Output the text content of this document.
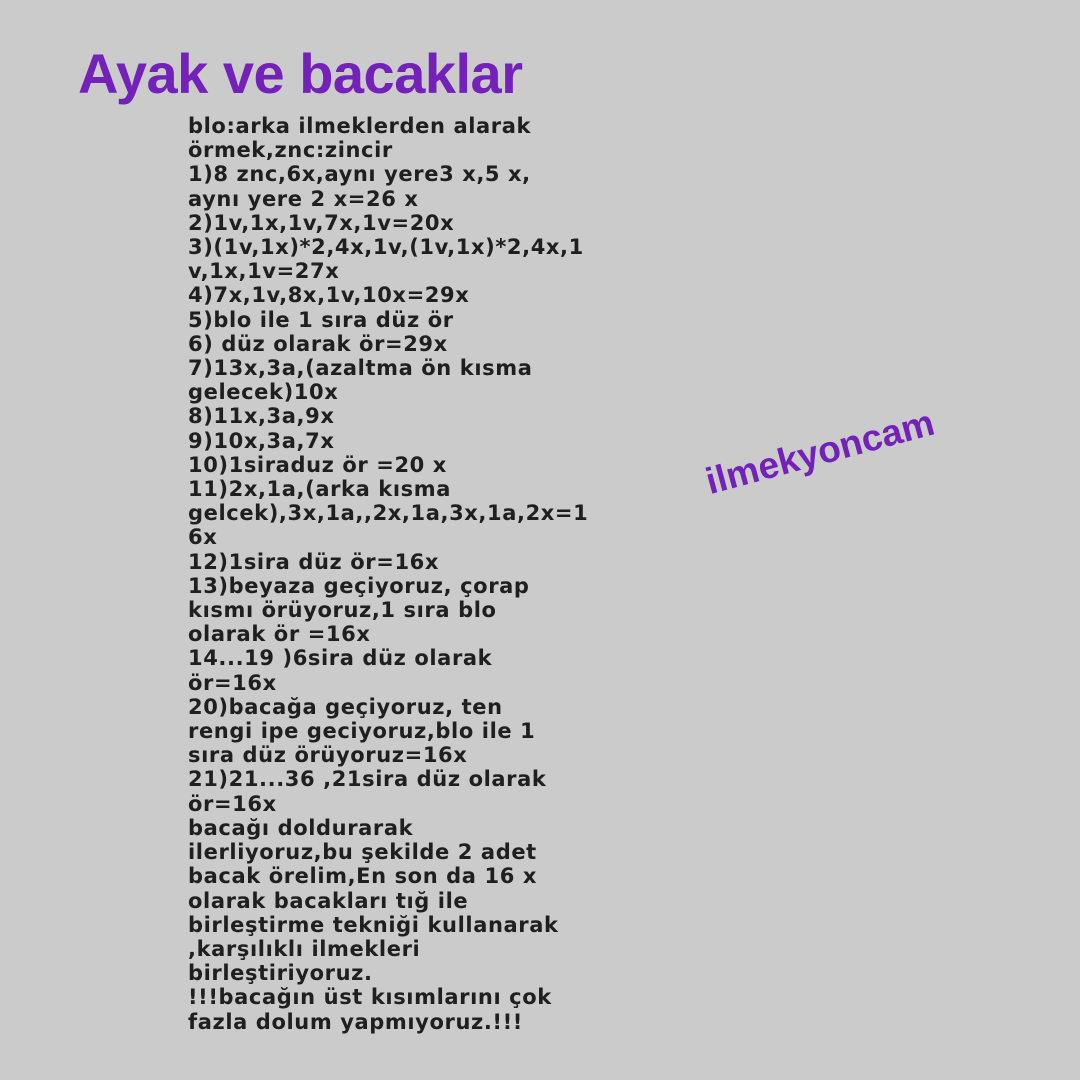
Ayak ve bacaklar
blo:arka ilmeklerden alarak
örmek,znc:zincir
1)8 znc,6x,aynı yere3 x,5 x,
aynı yere 2 x=26 x
2)1v,1x,1v,7x,1v=20x
3)(1v,1x)*2,4x,1v,(1v,1x)*2,4x,1
v,1x,1v=27x
4)7x,1v,8x,1v,10x=29x
5)blo ile 1 sıra düz ör
6) düz olarak ör=29x
7)13x,3a,(azaltma ön kısma
gelecek)10x
8)11x,3a,9x
9)10x,3a,7x
10)1siraduz ör =20 x
11)2x,1a,(arka kısma
gelcek),3x,1a,,2x,1a,3x,1a,2x=1
6x
12)1sira düz ör=16x
13)beyaza geçiyoruz, çorap
kısmı örüyoruz,1 sıra blo
olarak ör =16x
14...19 )6sira düz olarak
ör=16x
20)bacağa geçiyoruz, ten
rengi ipe geciyoruz,blo ile 1
sıra düz örüyoruz=16x
21)21...36 ,21sira düz olarak
ör=16x
bacağı doldurarak
ilerliyoruz,bu şekilde 2 adet
bacak örelim,En son da 16 x
olarak bacakları tığ ile
birleştirme tekniği kullanarak
,karşılıklı ilmekleri
birleştiriyoruz.
!!!bacağın üst kısımlarını çok
fazla dolum yapmıyoruz.!!!
ilmekyoncam
